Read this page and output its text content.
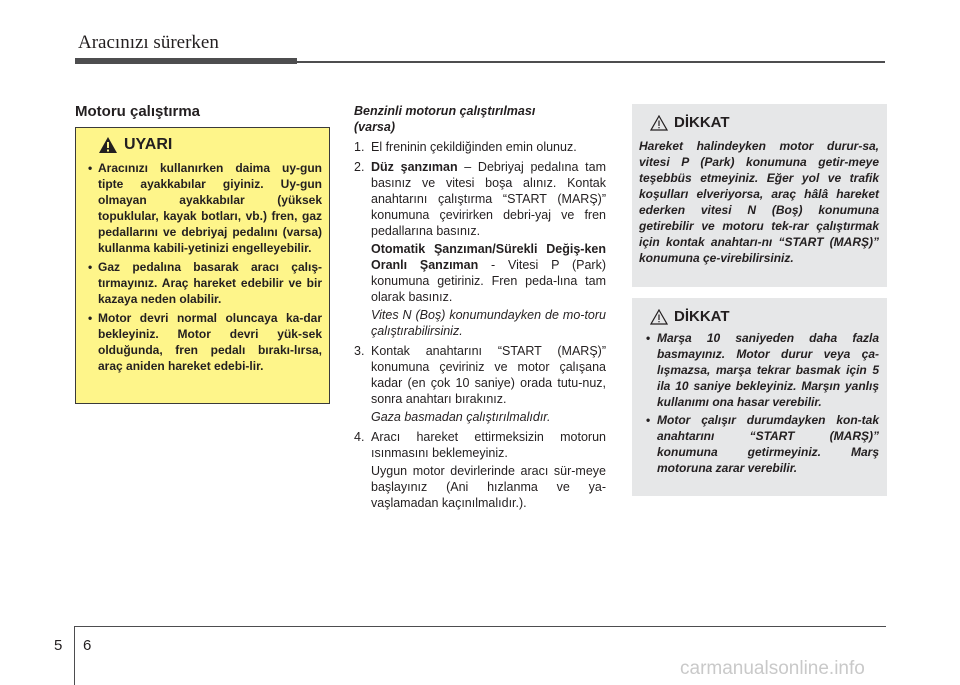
Aracınızı sürerken
Motoru çalıştırma
UYARI
• Aracınızı kullanırken daima uy-gun tipte ayakkabılar giyiniz. Uy-gun olmayan ayakkabılar (yüksek topuklular, kayak botları, vb.) fren, gaz pedallarını ve debriyaj pedalını (varsa) kullanma kabili-yetinizi engelleyebilir.
• Gaz pedalına basarak aracı çalış-tırmayınız. Araç hareket edebilir ve bir kazaya neden olabilir.
• Motor devri normal oluncaya ka-dar bekleyiniz. Motor devri yük-sek olduğunda, fren pedalı bırakı-lırsa, araç aniden hareket edebi-lir.

Benzinli motorun çalıştırılması

(varsa)

1. El freninin çekildiğinden emin olunuz.

2. Düz şanzıman – Debriyaj pedalına tam basınız ve vitesi boşa alınız. Kontak anahtarını çalıştırma “START (MARŞ)” konumuna çevirirken debri-yaj ve fren pedallarına basınız.

Otomatik Şanzıman/Sürekli Değiş-ken Oranlı Şanzıman - Vitesi P (Park) konumuna getiriniz. Fren peda-lına tam olarak basınız.

Vites N (Boş) konumundayken de mo-toru çalıştırabilirsiniz.

3. Kontak anahtarını “START (MARŞ)” konumuna çeviriniz ve motor çalışana kadar (en çok 10 saniye) orada tutu-nuz, sonra anahtarı bırakınız.

Gaza basmadan çalıştırılmalıdır.

4. Aracı hareket ettirmeksizin motorun ısınmasını beklemeyiniz.

Uygun motor devirlerinde aracı sür-meye başlayınız (Ani hızlanma ve ya-vaşlamadan kaçınılmalıdır.).

DİKKAT
Hareket halindeyken motor durur-sa, vitesi P (Park) konumuna getir-meye teşebbüs etmeyiniz. Eğer yol ve trafik koşulları elveriyorsa, araç hâlâ hareket ederken vitesi N (Boş) konumuna getirebilir ve motoru tek-rar çalıştırmak için kontak anahtarı-nı “START (MARŞ)” konumuna çe-virebilirsiniz.
DİKKAT
• Marşa 10 saniyeden daha fazla basmayınız. Motor durur veya ça-lışmazsa, marşa tekrar basmak için 5 ila 10 saniye bekleyiniz. Marşın yanlış kullanımı ona hasar verebilir.
• Motor çalışır durumdayken kon-tak anahtarını “START (MARŞ)” konumuna getirmeyiniz. Marş motoruna zarar verebilir.
5 6
carmanualsonline.info
